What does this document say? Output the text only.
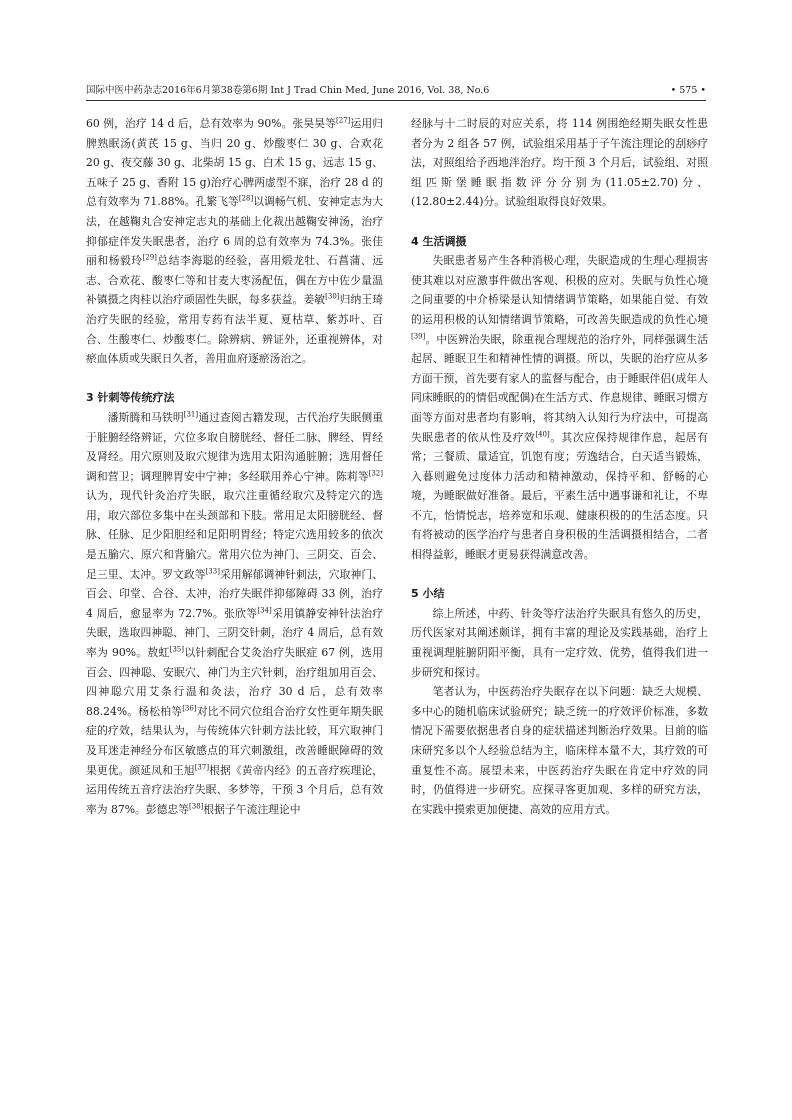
国际中医中药杂志2016年6月第38卷第6期 Int J Trad Chin Med, June 2016, Vol. 38, No.6	• 575 •

60 例，治疗 14 d 后，总有效率为 90%。张昊昊等[27]运用归脾熟眠汤(黄芪 15 g、当归 20 g、炒酸枣仁 30 g、合欢花 20 g、夜交藤 30 g、北柴胡 15 g、白术 15 g、远志 15 g、五味子 25 g、香附 15 g)治疗心脾两虚型不寐，治疗 28 d 的总有效率为 71.88%。孔繁飞等[28]以调畅气机、安神定志为大法，在越鞠丸合安神定志丸的基础上化裁出越鞠安神汤，治疗抑郁症伴发失眠患者，治疗 6 周的总有效率为 74.3%。张佳丽和杨毅玲[29]总结李海聪的经验，喜用煅龙牡、石菖蒲、远志、合欢花、酸枣仁等和甘麦大枣汤配伍，偶在方中佐少量温补镇摄之肉桂以治疗顽固性失眠，每多获益。姜敏[30]归纳王琦治疗失眠的经验，常用专药有法半夏、夏枯草、紫苏叶、百合、生酸枣仁、炒酸枣仁。除辨病、辨证外，还重视辨体，对瘀血体质或失眠日久者，善用血府逐瘀汤治之。

3 针刺等传统疗法

潘斯腾和马铁明[31]通过查阅古籍发现，古代治疗失眠侧重于脏腑经络辨证，穴位多取自膀胱经、督任二脉、脾经、胃经及肾经。用穴原则及取穴规律为选用太阳沟通脏腑；选用督任调和营卫；调理脾胃安中宁神；多经联用养心宁神。陈莉等[32]认为，现代针灸治疗失眠，取穴注重循经取穴及特定穴的选用，取穴部位多集中在头颈部和下肢。常用足太阳膀胱经、督脉、任脉、足少阳胆经和足阳明胃经；特定穴选用较多的依次是五腧穴、原穴和背腧穴。常用穴位为神门、三阴交、百会、足三里、太冲。罗文政等[33]采用解郁调神针刺法，穴取神门、百会、印堂、合谷、太冲，治疗失眠伴抑郁障碍 33 例，治疗 4 周后，愈显率为 72.7%。张欣等[34]采用镇静安神针法治疗失眠，选取四神聪、神门、三阴交针刺，治疗 4 周后，总有效率为 90%。敖虹[35]以针刺配合艾灸治疗失眠症 67 例，选用百会、四神聪、安眠穴、神门为主穴针刺，治疗组加用百会、四神聪穴用艾条行温和灸法，治疗 30 d 后，总有效率 88.24%。杨松柏等[36]对比不同穴位组合治疗女性更年期失眠症的疗效，结果认为，与传统体穴针刺方法比较，耳穴取神门及耳迷走神经分布区敏感点的耳穴刺激组，改善睡眠障碍的效果更优。颜延凤和王旭[37]根据《黄帝内经》的五音疗疾理论，运用传统五音疗法治疗失眠、多梦等，干预 3 个月后，总有效率为 87%。彭德忠等[38]根据子午流注理论中

经脉与十二时辰的对应关系，将 114 例围绝经期失眠女性患者分为 2 组各 57 例，试验组采用基于子午流注理论的刮痧疗法，对照组给予西地泮治疗。均干预 3 个月后，试验组、对照组匹斯堡睡眠指数评分分别为(11.05±2.70)分、(12.80±2.44)分。试验组取得良好效果。

4 生活调摄

失眠患者易产生各种消极心理，失眠造成的生理心理损害使其难以对应激事件做出客观、积极的应对。失眠与负性心境之间重要的中介桥梁是认知情绪调节策略，如果能自觉、有效的运用积极的认知情绪调节策略，可改善失眠造成的负性心境[39]。中医辨治失眠，除重视合理规范的治疗外，同样强调生活起居、睡眠卫生和精神性情的调摄。所以，失眠的治疗应从多方面干预，首先要有家人的监督与配合，由于睡眠伴侣(成年人同床睡眠的的情侣或配偶)在生活方式、作息规律、睡眠习惯方面等方面对患者均有影响，将其纳入认知行为疗法中，可提高失眠患者的依从性及疗效[40]。其次应保持规律作息，起居有常；三餐质、量适宜，饥饱有度；劳逸结合，白天适当锻炼，入暮则避免过度体力活动和精神激动，保持平和、舒畅的心境，为睡眠做好准备。最后，平素生活中遇事谦和礼让，不卑不亢，怡情悦志，培养宽和乐观、健康积极的的生活态度。只有将被动的医学治疗与患者自身积极的生活调摄相结合，二者相得益彰，睡眠才更易获得满意改善。

5 小结

综上所述，中药、针灸等疗法治疗失眠具有悠久的历史，历代医家对其阐述颇详，拥有丰富的理论及实践基础，治疗上重视调理脏腑阴阳平衡，具有一定疗效、优势，值得我们进一步研究和探讨。

笔者认为，中医药治疗失眠存在以下问题：缺乏大规模、多中心的随机临床试验研究；缺乏统一的疗效评价标准，多数情况下需要依据患者自身的症状描述判断治疗效果。目前的临床研究多以个人经验总结为主，临床样本量不大，其疗效的可重复性不高。展望未来，中医药治疗失眠在肯定中疗效的同时，仍值得进一步研究。应探寻客更加观、多样的研究方法，在实践中摸索更加便捷、高效的应用方式。
